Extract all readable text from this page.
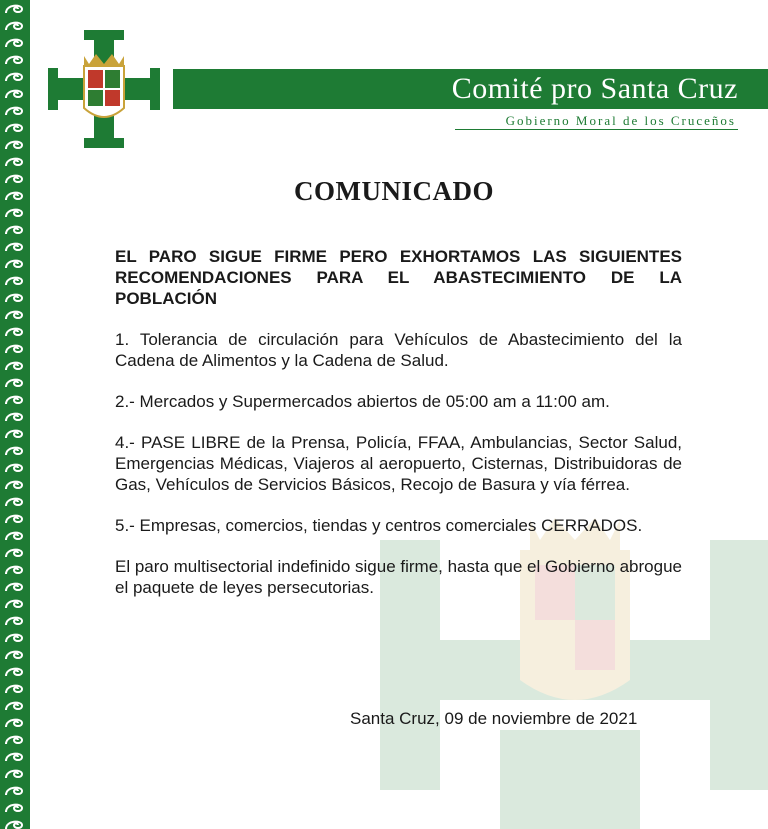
Comité pro Santa Cruz
Gobierno Moral de los Cruceños
COMUNICADO

EL PARO SIGUE FIRME PERO EXHORTAMOS LAS SIGUIENTES RECOMENDACIONES PARA EL ABASTECIMIENTO DE LA POBLACIÓN

1. Tolerancia de circulación para Vehículos de Abastecimiento del la Cadena de Alimentos y la Cadena de Salud.

2.- Mercados y Supermercados abiertos de 05:00 am a 11:00 am.

4.- PASE LIBRE de la Prensa, Policía, FFAA, Ambulancias, Sector Salud, Emergencias Médicas, Viajeros al aeropuerto, Cisternas, Distribuidoras de Gas, Vehículos de Servicios Básicos, Recojo de Basura y vía férrea.

5.- Empresas, comercios, tiendas y centros comerciales CERRADOS.

El paro multisectorial indefinido sigue firme, hasta que el Gobierno abrogue el paquete de leyes persecutorias.

Santa Cruz, 09 de noviembre de 2021
